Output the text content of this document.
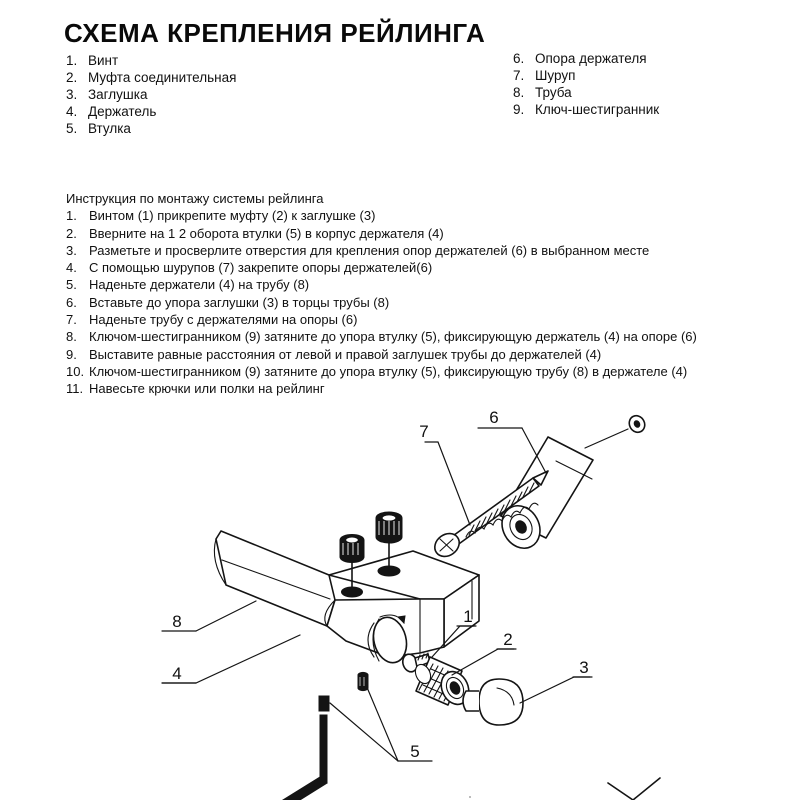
СХЕМА КРЕПЛЕНИЯ РЕЙЛИНГА
1. Винт
2. Муфта соединительная
3. Заглушка
4. Держатель
5. Втулка
6. Опора держателя
7. Шуруп
8. Труба
9. Ключ-шестигранник
Инструкция по монтажу системы рейлинга
1. Винтом (1) прикрепите муфту (2) к заглушке (3)
2. Вверните на 1 2 оборота втулки (5) в корпус держателя (4)
3. Разметьте и просверлите отверстия для крепления опор держателей (6) в выбранном месте
4. С помощью шурупов (7) закрепите опоры держателей(6)
5. Наденьте держатели (4) на трубу (8)
6. Вставьте до упора заглушки (3) в торцы трубы (8)
7. Наденьте трубу с держателями на опоры (6)
8. Ключом-шестигранником (9) затяните до упора втулку (5), фиксирующую держатель (4) на опоре (6)
9. Выставите равные расстояния от левой и правой заглушек трубы до держателей (4)
10. Ключом-шестигранником (9) затяните до упора втулку (5), фиксирующую трубу (8) в держателе (4)
11. Навесьте крючки или полки на рейлинг
6
7
8
4
1
2
3
5
